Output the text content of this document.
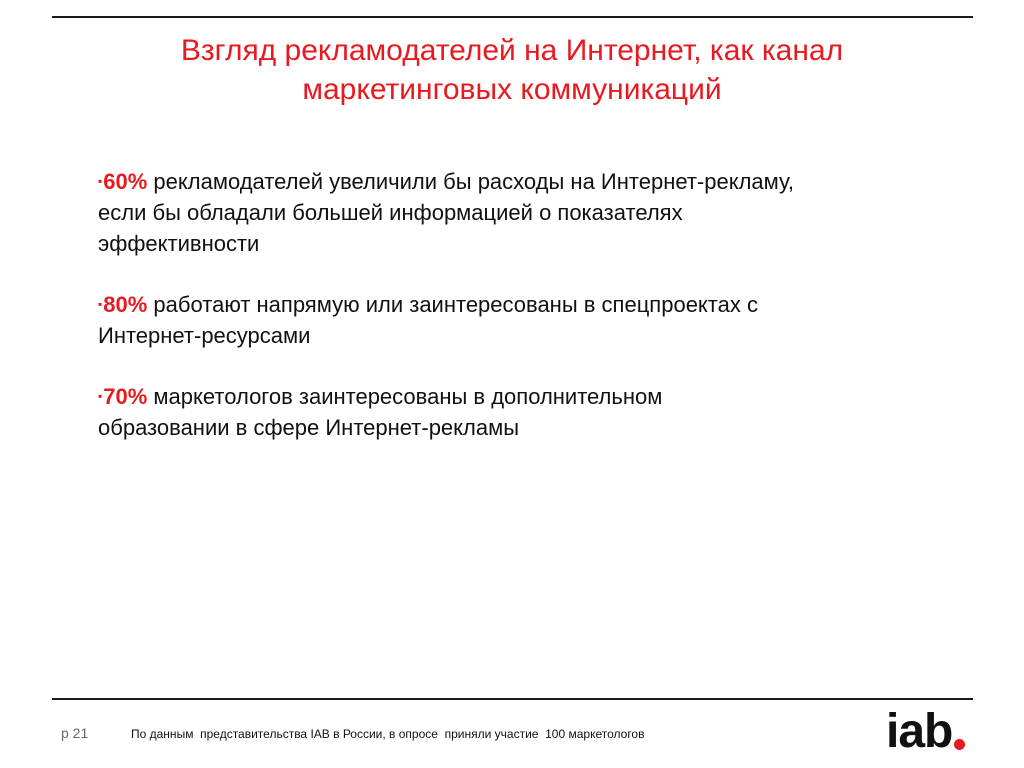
Взгляд рекламодателей на Интернет, как канал
маркетинговых коммуникаций
▪60% рекламодателей увеличили бы расходы на Интернет-рекламу, если бы обладали большей информацией о показателях эффективности
▪80% работают напрямую или заинтересованы в спецпроектах с Интернет-ресурсами
▪70% маркетологов заинтересованы в дополнительном образовании в сфере Интернет-рекламы
p 21	По данным  представительства IAB в России, в опросе  приняли участие  100 маркетологов	iab
